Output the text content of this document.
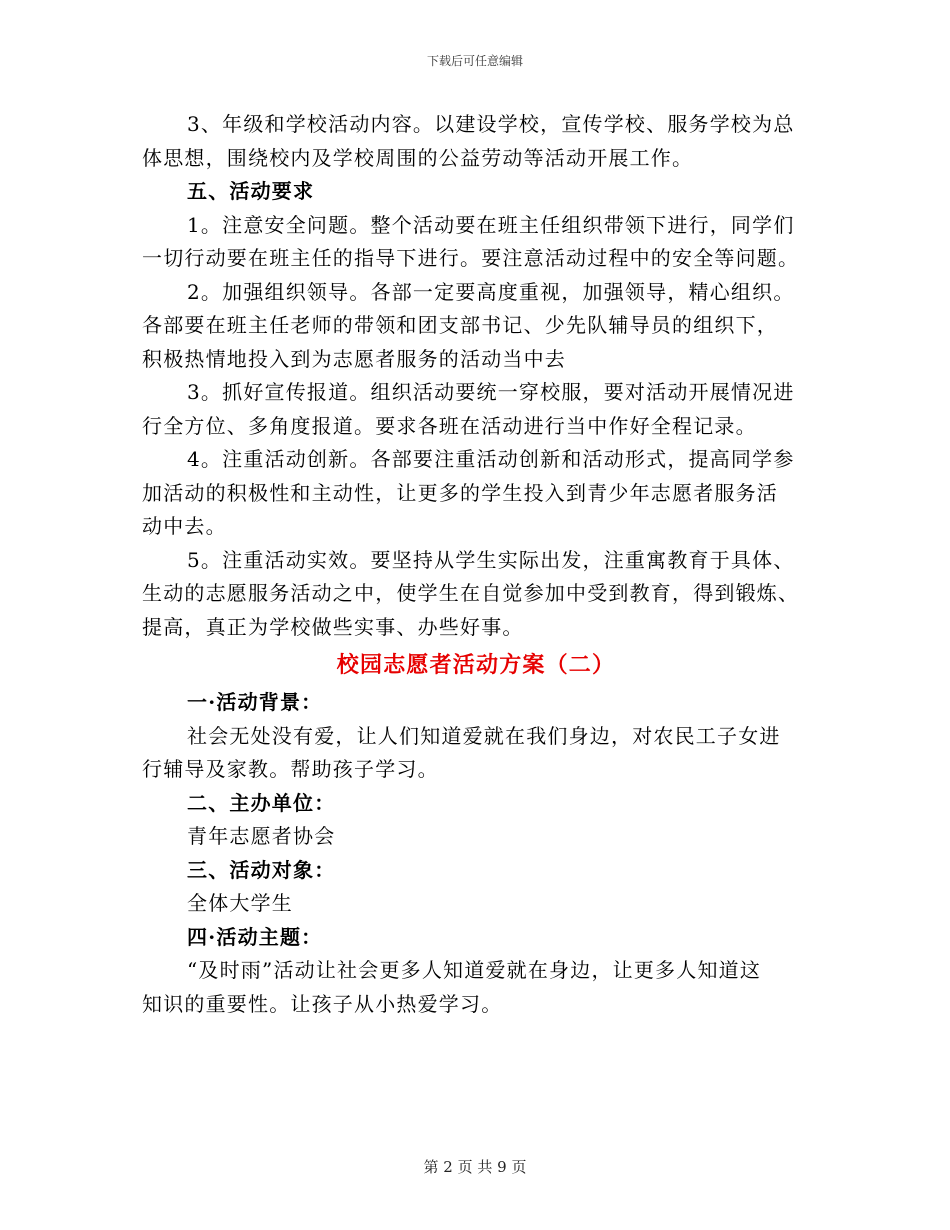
下载后可任意编辑

3、年级和学校活动内容。以建设学校，宣传学校、服务学校为总
体思想，围绕校内及学校周围的公益劳动等活动开展工作。

五、活动要求

1。注意安全问题。整个活动要在班主任组织带领下进行，同学们
一切行动要在班主任的指导下进行。要注意活动过程中的安全等问题。

2。加强组织领导。各部一定要高度重视，加强领导，精心组织。
各部要在班主任老师的带领和团支部书记、少先队辅导员的组织下，
积极热情地投入到为志愿者服务的活动当中去

3。抓好宣传报道。组织活动要统一穿校服，要对活动开展情况进
行全方位、多角度报道。要求各班在活动进行当中作好全程记录。

4。注重活动创新。各部要注重活动创新和活动形式，提高同学参
加活动的积极性和主动性，让更多的学生投入到青少年志愿者服务活
动中去。

5。注重活动实效。要坚持从学生实际出发，注重寓教育于具体、
生动的志愿服务活动之中，使学生在自觉参加中受到教育，得到锻炼、
提高，真正为学校做些实事、办些好事。

校园志愿者活动方案（二）

一·活动背景：

社会无处没有爱，让人们知道爱就在我们身边，对农民工子女进
行辅导及家教。帮助孩子学习。

二、主办单位：

青年志愿者协会

三、活动对象：

全体大学生

四·活动主题：

“及时雨”活动让社会更多人知道爱就在身边，让更多人知道这
知识的重要性。让孩子从小热爱学习。

第 2 页 共 9 页
